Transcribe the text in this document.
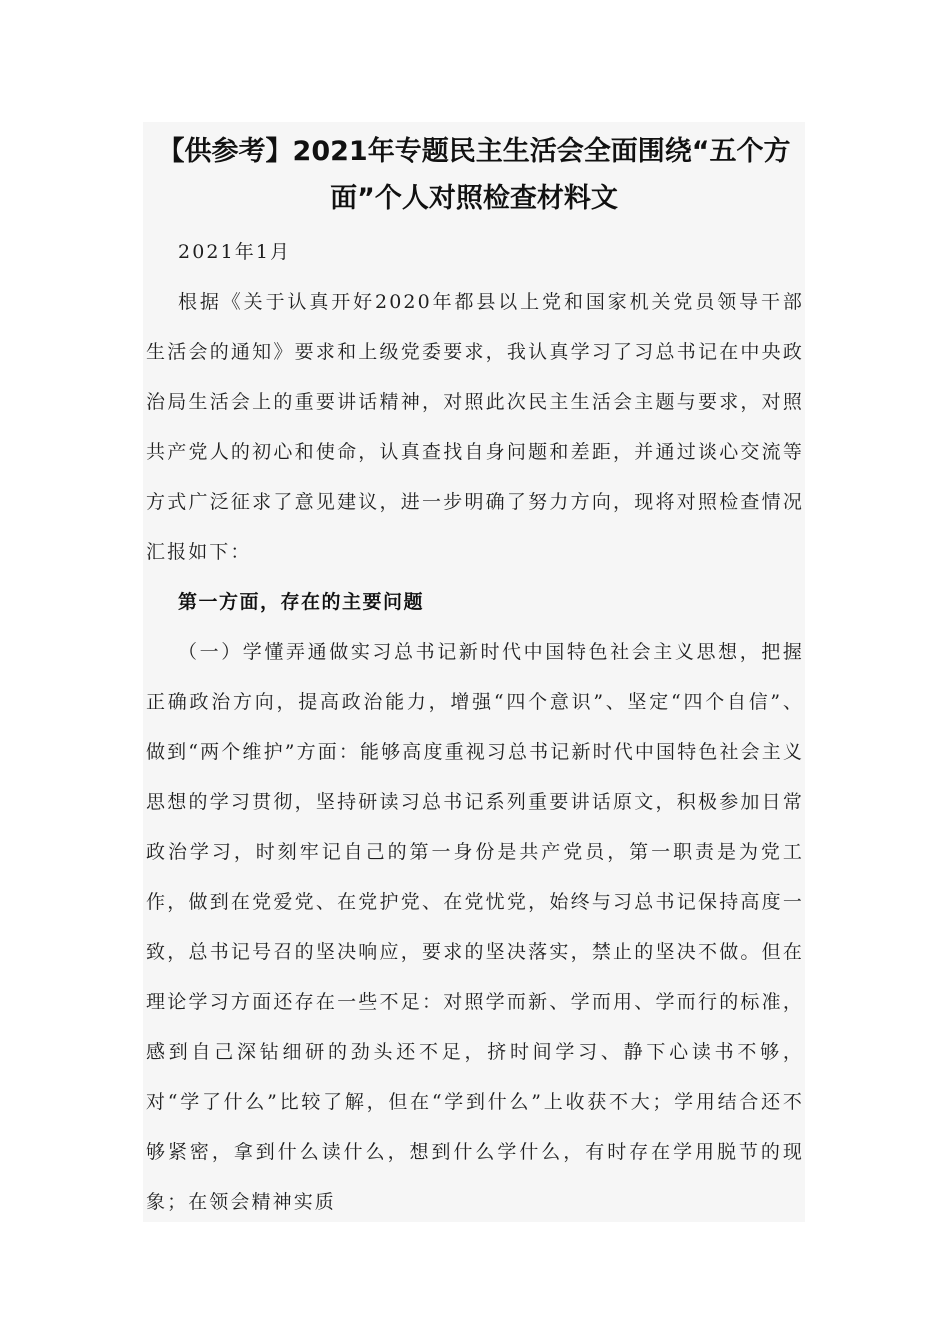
【供参考】2021年专题民主生活会全面围绕“五个方面”个人对照检查材料文

2021年1月

根据《关于认真开好2020年都县以上党和国家机关党员领导干部生活会的通知》要求和上级党委要求，我认真学习了习总书记在中央政治局生活会上的重要讲话精神，对照此次民主生活会主题与要求，对照共产党人的初心和使命，认真查找自身问题和差距，并通过谈心交流等方式广泛征求了意见建议，进一步明确了努力方向，现将对照检查情况汇报如下：

第一方面，存在的主要问题

（一）学懂弄通做实习总书记新时代中国特色社会主义思想，把握正确政治方向，提高政治能力，增强“四个意识”、坚定“四个自信”、做到“两个维护”方面：能够高度重视习总书记新时代中国特色社会主义思想的学习贯彻，坚持研读习总书记系列重要讲话原文，积极参加日常政治学习，时刻牢记自己的第一身份是共产党员，第一职责是为党工作，做到在党爱党、在党护党、在党忧党，始终与习总书记保持高度一致，总书记号召的坚决响应，要求的坚决落实，禁止的坚决不做。但在理论学习方面还存在一些不足：对照学而新、学而用、学而行的标准，感到自己深钻细研的劲头还不足，挤时间学习、静下心读书不够，对“学了什么”比较了解，但在“学到什么”上收获不大；学用结合还不够紧密，拿到什么读什么，想到什么学什么，有时存在学用脱节的现象；在领会精神实质
